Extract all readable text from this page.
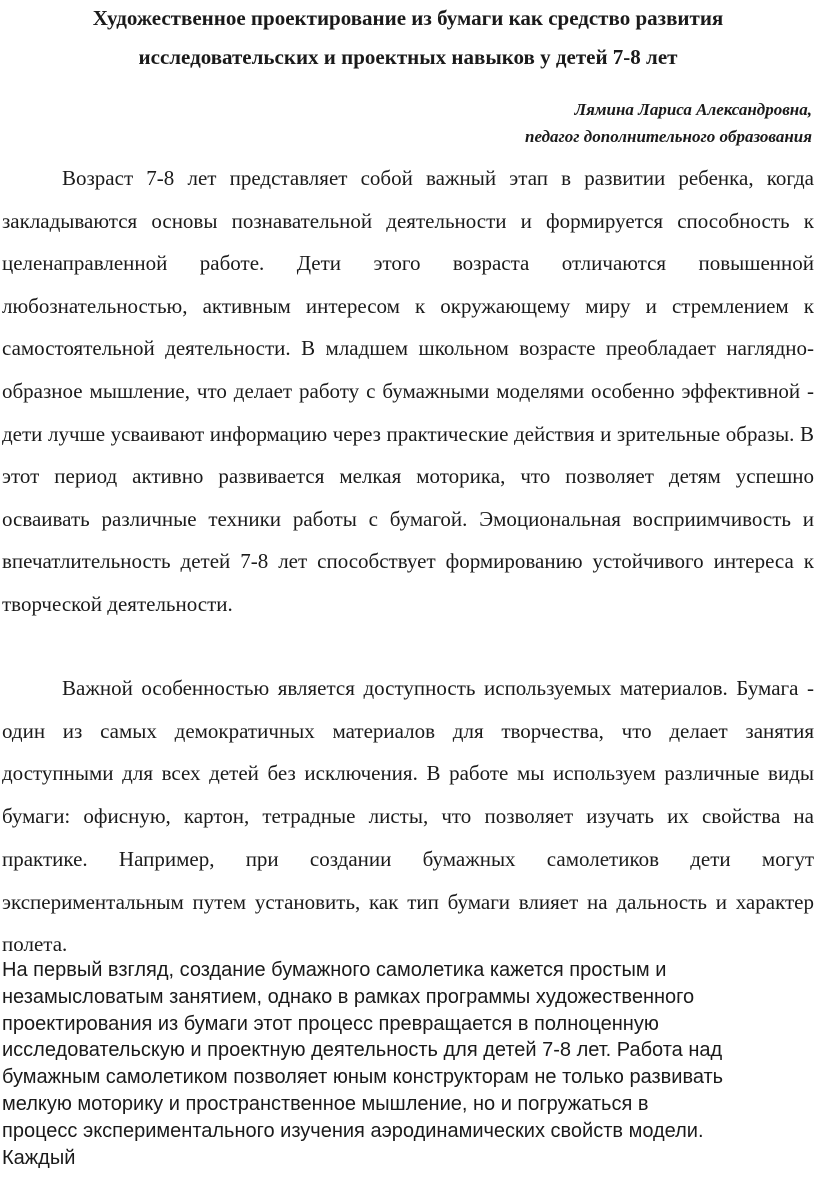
Художественное проектирование из бумаги как средство развития
исследовательских и проектных навыков у детей 7-8 лет

Лямина Лариса Александровна,

педагог дополнительного образования

Возраст 7-8 лет представляет собой важный этап в развитии ребенка, когда закладываются основы познавательной деятельности и формируется способность к целенаправленной работе. Дети этого возраста отличаются повышенной любознательностью, активным интересом к окружающему миру и стремлением к самостоятельной деятельности. В младшем школьном возрасте преобладает наглядно-образное мышление, что делает работу с бумажными моделями особенно эффективной - дети лучше усваивают информацию через практические действия и зрительные образы. В этот период активно развивается мелкая моторика, что позволяет детям успешно осваивать различные техники работы с бумагой. Эмоциональная восприимчивость и впечатлительность детей 7-8 лет способствует формированию устойчивого интереса к творческой деятельности.

Важной особенностью является доступность используемых материалов. Бумага - один из самых демократичных материалов для творчества, что делает занятия доступными для всех детей без исключения. В работе мы используем различные виды бумаги: офисную, картон, тетрадные листы, что позволяет изучать их свойства на практике. Например, при создании бумажных самолетиков дети могут экспериментальным путем установить, как тип бумаги влияет на дальность и характер полета.

На первый взгляд, создание бумажного самолетика кажется простым и
незамысловатым занятием, однако в рамках программы художественного
проектирования из бумаги этот процесс превращается в полноценную
исследовательскую и проектную деятельность для детей 7-8 лет. Работа над
бумажным самолетиком позволяет юным конструкторам не только развивать
мелкую моторику и пространственное мышление, но и погружаться в
процесс экспериментального изучения аэродинамических свойств модели.
Каждый
